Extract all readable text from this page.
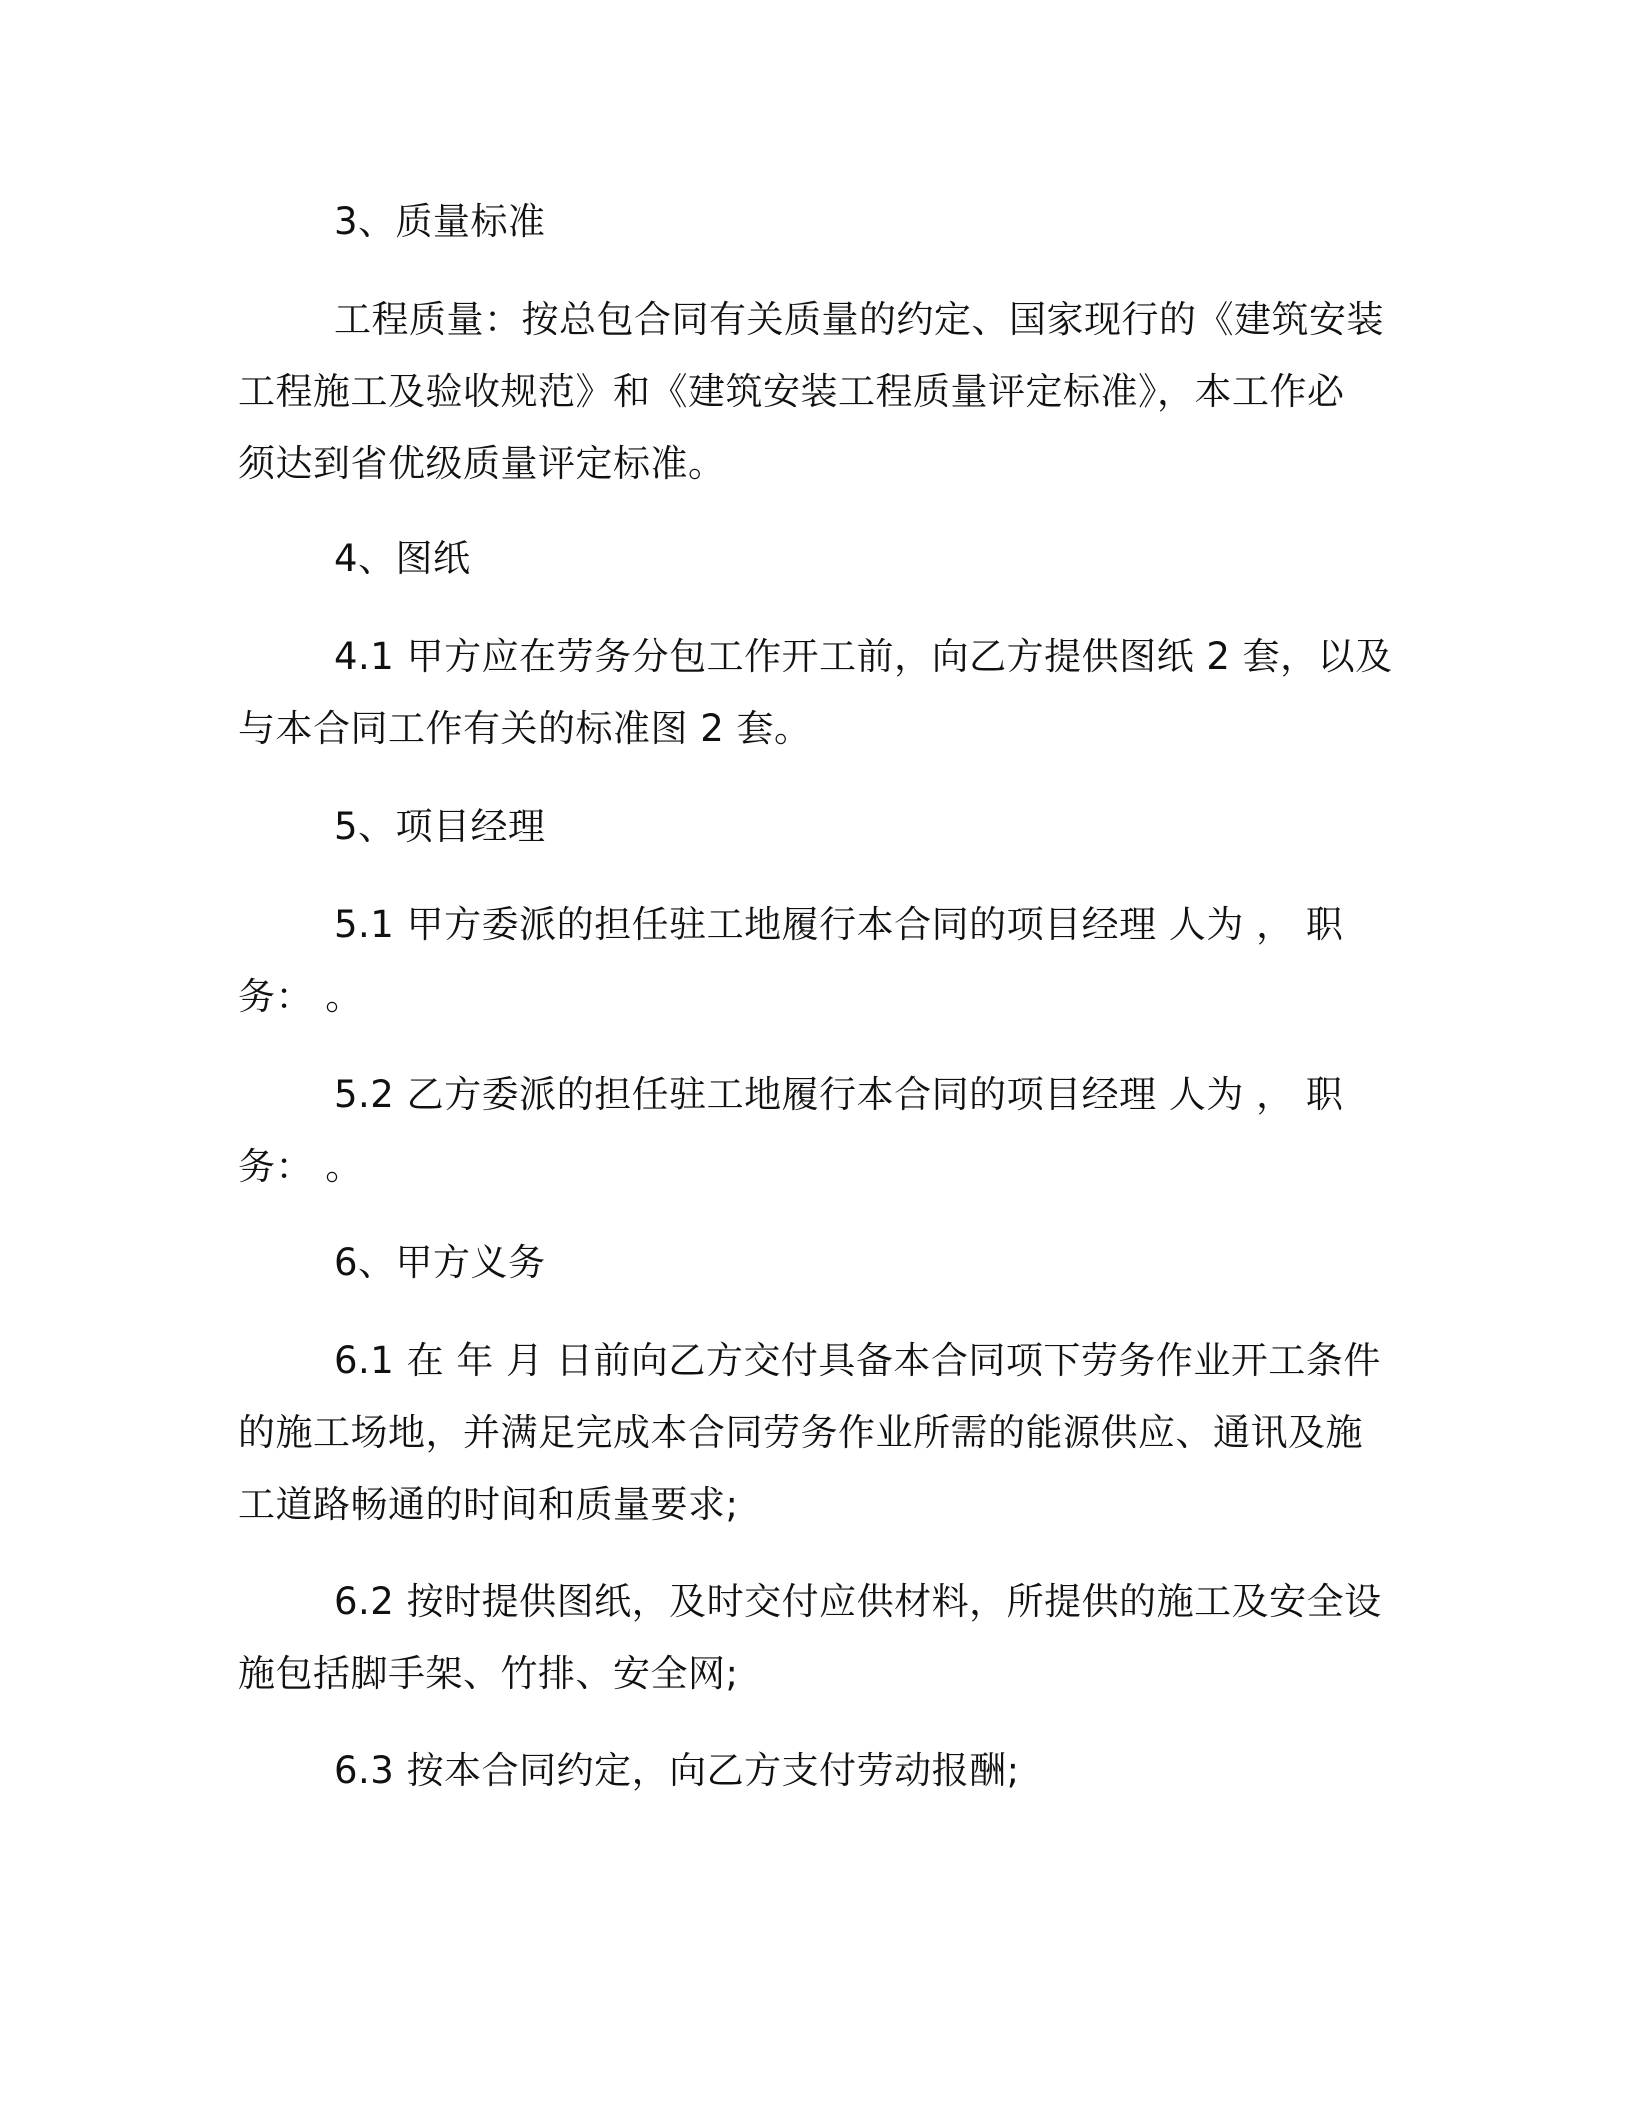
3、质量标准
工程质量：按总包合同有关质量的约定、国家现行的《建筑安装
工程施工及验收规范》和《建筑安装工程质量评定标准》，本工作必
须达到省优级质量评定标准。
4、图纸
4.1 甲方应在劳务分包工作开工前，向乙方提供图纸 2 套，以及
与本合同工作有关的标准图 2 套。
5、项目经理
5.1 甲方委派的担任驻工地履行本合同的项目经理 人为 ， 职
务： 。
5.2 乙方委派的担任驻工地履行本合同的项目经理 人为 ， 职
务： 。
6、甲方义务
6.1 在 年 月 日前向乙方交付具备本合同项下劳务作业开工条件
的施工场地，并满足完成本合同劳务作业所需的能源供应、通讯及施
工道路畅通的时间和质量要求;
6.2 按时提供图纸，及时交付应供材料，所提供的施工及安全设
施包括脚手架、竹排、安全网;
6.3 按本合同约定，向乙方支付劳动报酬;
